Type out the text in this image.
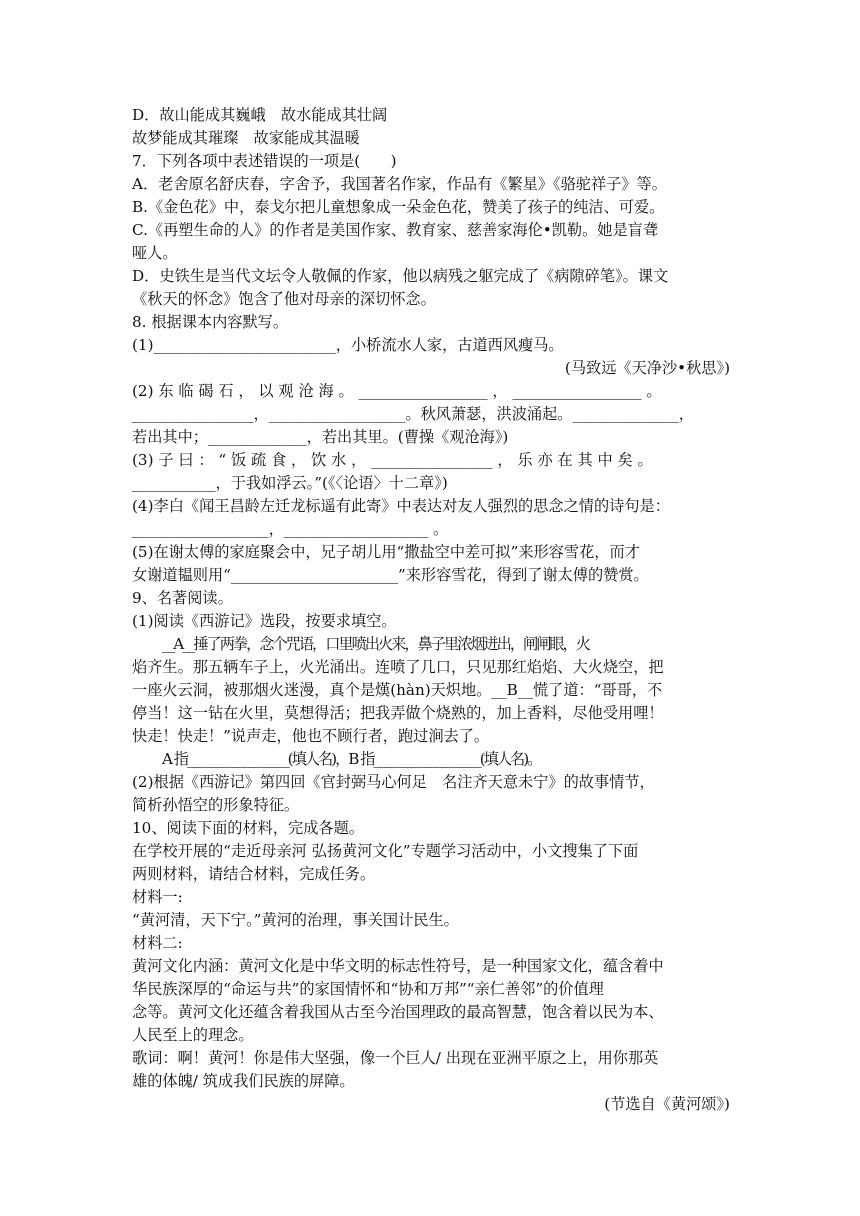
D．故山能成其巍峨　故水能成其壮阔
故梦能成其璀璨　故家能成其温暖
7．下列各项中表述错误的一项是(　　)
A．老舍原名舒庆春，字舍予，我国著名作家，作品有《繁星》《骆驼祥子》等。
B.《金色花》中，泰戈尔把儿童想象成一朵金色花，赞美了孩子的纯洁、可爱。
C.《再塑生命的人》的作者是美国作家、教育家、慈善家海伦•凯勒。她是盲聋
哑人。
D．史铁生是当代文坛令人敬佩的作家，他以病残之躯完成了《病隙碎笔》。课文
《秋天的怀念》饱含了他对母亲的深切怀念。
8. 根据课本内容默写。
(1)________________________，小桥流水人家，古道西风瘦马。
(马致远《天净沙•秋思》)
(2) 东 临 碣 石 ， 以 观 沧 海 。 _________________ ， _________________ 。
________________，__________________。秋风萧瑟，洪波涌起。______________，
若出其中；_____________，若出其里。(曹操《观沧海》)
(3) 子 曰 ： “ 饭 疏 食 ， 饮 水 ， ________________ ， 乐 亦 在 其 中 矣 。
___________，于我如浮云。”(《〈论语〉十二章》)
(4)李白《闻王昌龄左迁龙标遥有此寄》中表达对友人强烈的思念之情的诗句是：
__________________，___________________ 。
(5)在谢太傅的家庭聚会中，兄子胡儿用“撒盐空中差可拟”来形容雪花，而才
女谢道韫则用“______________________”来形容雪花，得到了谢太傅的赞赏。
9、名著阅读。
(1)阅读《西游记》选段，按要求填空。
__A__捶了两拳，念个咒语，口里喷出火来，鼻子里浓烟迸出，闸闸眼，火
焰齐生。那五辆车子上，火光涌出。连喷了几口，只见那红焰焰、大火烧空，把
一座火云洞，被那烟火迷漫，真个是熯(hàn)天炽地。__B__慌了道：“哥哥，不
停当！这一钻在火里，莫想得活；把我弄做个烧熟的，加上香料，尽他受用哩！
快走！快走！”说声走，他也不顾行者，跑过涧去了。
A 指__________________(填人名)，B 指___________________(填人名)。
(2)根据《西游记》第四回《官封弼马心何足　名注齐天意未宁》的故事情节，
简析孙悟空的形象特征。
10、阅读下面的材料，完成各题。
在学校开展的“走近母亲河 弘扬黄河文化”专题学习活动中，小文搜集了下面
两则材料，请结合材料，完成任务。
材料一:
“黄河清，天下宁。”黄河的治理，事关国计民生。
材料二:
黄河文化内涵：黄河文化是中华文明的标志性符号，是一种国家文化，蕴含着中
华民族深厚的“命运与共”的家国情怀和“协和万邦”“亲仁善邻”的价值理
念等。黄河文化还蕴含着我国从古至今治国理政的最高智慧，饱含着以民为本、
人民至上的理念。
歌词：啊！黄河！你是伟大坚强，像一个巨人/ 出现在亚洲平原之上，用你那英
雄的体魄/ 筑成我们民族的屏障。
(节选自《黄河颂》)
